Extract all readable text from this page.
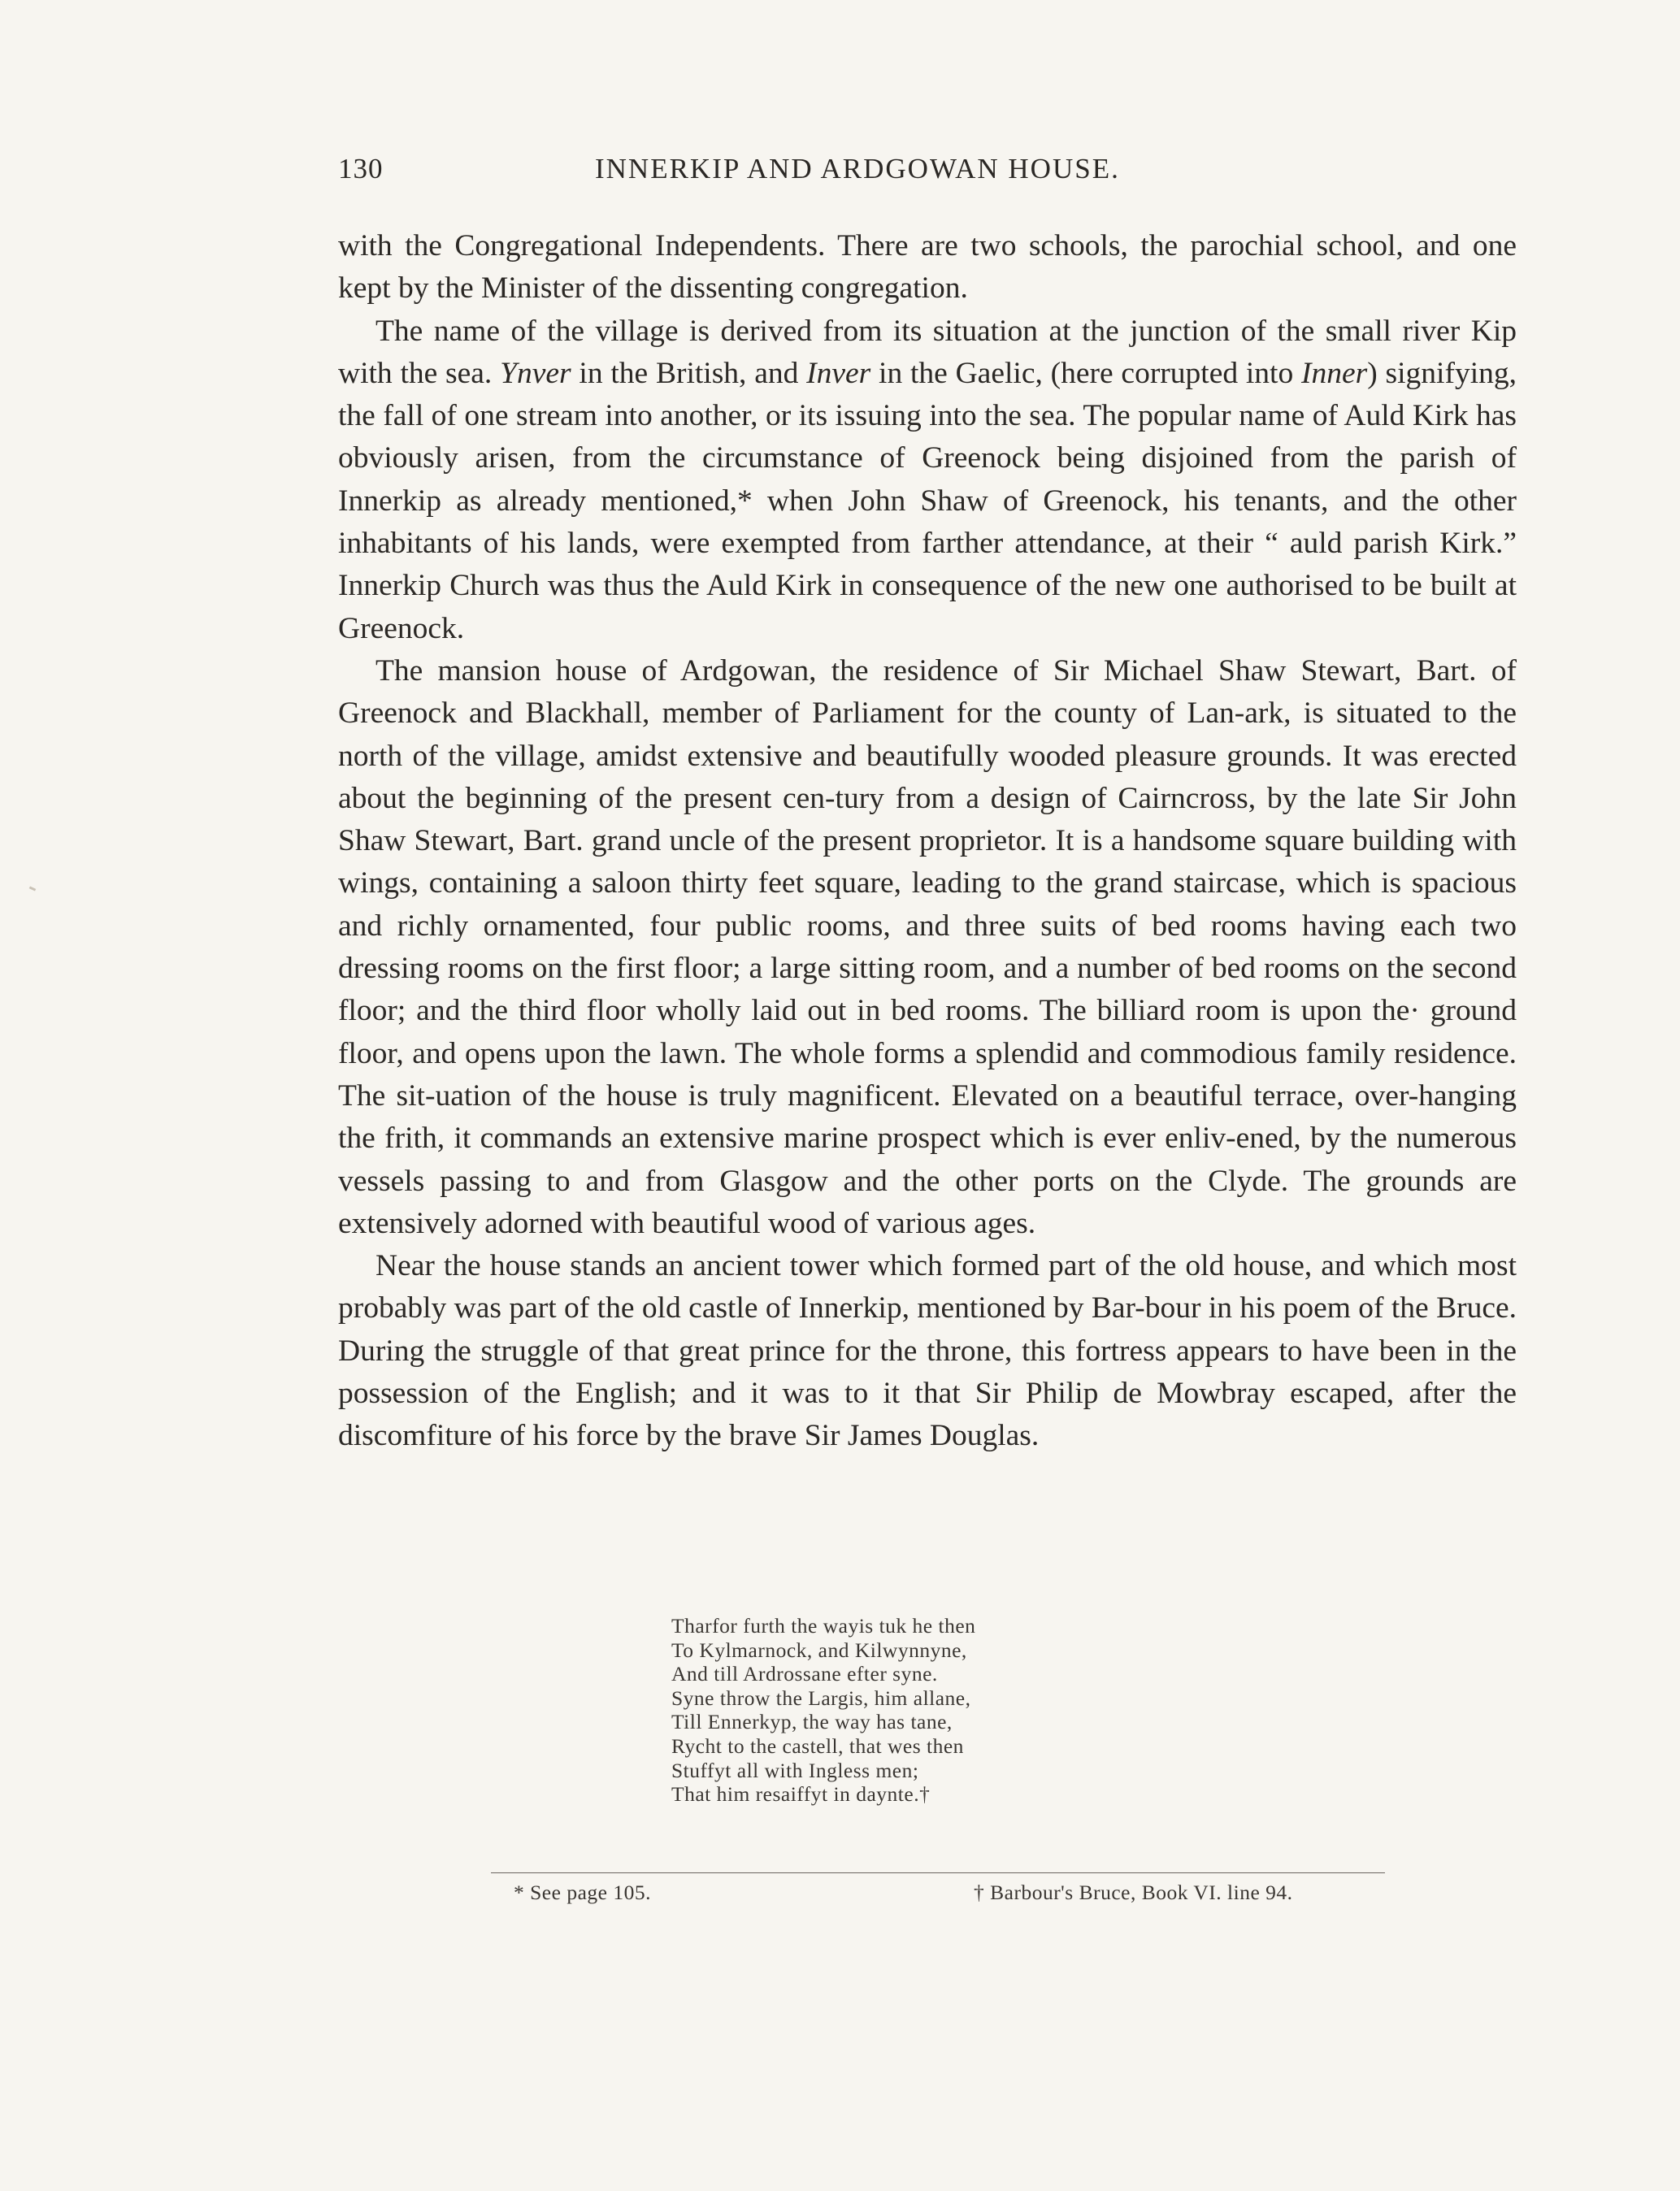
130	INNERKIP AND ARDGOWAN HOUSE.

with the Congregational Independents. There are two schools, the parochial school, and one kept by the Minister of the dissenting congregation.

The name of the village is derived from its situation at the junction of the small river Kip with the sea. Ynver in the British, and Inver in the Gaelic, (here corrupted into Inner) signifying, the fall of one stream into another, or its issuing into the sea. The popular name of Auld Kirk has obviously arisen, from the circumstance of Greenock being disjoined from the parish of Innerkip as already mentioned,* when John Shaw of Greenock, his tenants, and the other inhabitants of his lands, were exempted from farther attendance, at their “ auld parish Kirk.” Innerkip Church was thus the Auld Kirk in consequence of the new one authorised to be built at Greenock.

The mansion house of Ardgowan, the residence of Sir Michael Shaw Stewart, Bart. of Greenock and Blackhall, member of Parliament for the county of Lan-ark, is situated to the north of the village, amidst extensive and beautifully wooded pleasure grounds. It was erected about the beginning of the present cen-tury from a design of Cairncross, by the late Sir John Shaw Stewart, Bart. grand uncle of the present proprietor. It is a handsome square building with wings, containing a saloon thirty feet square, leading to the grand staircase, which is spacious and richly ornamented, four public rooms, and three suits of bed rooms having each two dressing rooms on the first floor; a large sitting room, and a number of bed rooms on the second floor; and the third floor wholly laid out in bed rooms. The billiard room is upon the· ground floor, and opens upon the lawn. The whole forms a splendid and commodious family residence. The sit-uation of the house is truly magnificent. Elevated on a beautiful terrace, over-hanging the frith, it commands an extensive marine prospect which is ever enliv-ened, by the numerous vessels passing to and from Glasgow and the other ports on the Clyde. The grounds are extensively adorned with beautiful wood of various ages.

Near the house stands an ancient tower which formed part of the old house, and which most probably was part of the old castle of Innerkip, mentioned by Bar-bour in his poem of the Bruce. During the struggle of that great prince for the throne, this fortress appears to have been in the possession of the English; and it was to it that Sir Philip de Mowbray escaped, after the discomfiture of his force by the brave Sir James Douglas.

Tharfor furth the wayis tuk he then
To Kylmarnock, and Kilwynnyne,
And till Ardrossane efter syne.
Syne throw the Largis, him allane,
Till Ennerkyp, the way has tane,
Rycht to the castell, that wes then
Stuffyt all with Ingless men;
That him resaiffyt in daynte.†
* See page 105.	† Barbour's Bruce, Book VI. line 94.
